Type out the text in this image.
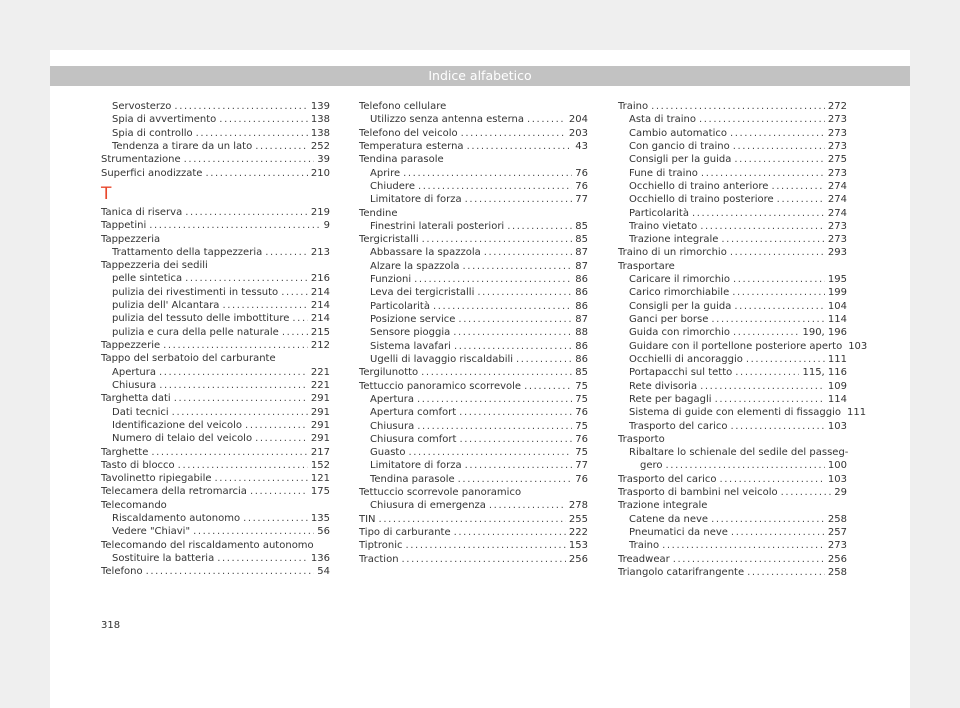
Indice alfabetico
Servosterzo .....	139
Spia di avvertimento .....	138
Spia di controllo .....	138
Tendenza a tirare da un lato .....	252
Strumentazione .....	39
Superfici anodizzate .....	210
T
Tanica di riserva .....	219
Tappetini .....	9
Tappezzeria
Trattamento della tappezzeria .....	213
Tappezzeria dei sedili
pelle sintetica .....	216
pulizia dei rivestimenti in tessuto .....	214
pulizia dell' Alcantara .....	214
pulizia del tessuto delle imbottiture ..... 214
pulizia e cura della pelle naturale .....	215
Tappezzerie .....	212
Tappo del serbatoio del carburante
Apertura .....	221
Chiusura .....	221
Targhetta dati .....	291
Dati tecnici .....	291
Identificazione del veicolo .....	291
Numero di telaio del veicolo .....	291
Targhette .....	217
Tasto di blocco .....	152
Tavolinetto ripiegabile .....	121
Telecamera della retromarcia .....	175
Telecomando
Riscaldamento autonomo .....	135
Vedere "Chiavi" .....	56
Telecomando del riscaldamento autonomo
Sostituire la batteria .....	136
Telefono .....	54
Telefono cellulare
Utilizzo senza antenna esterna .....	204
Telefono del veicolo .....	203
Temperatura esterna .....	43
Tendina parasole
Aprire .....	76
Chiudere .....	76
Limitatore di forza .....	77
Tendine
Finestrini laterali posteriori .....	85
Tergicristalli .....	85
Abbassare la spazzola .....	87
Alzare la spazzola .....	87
Funzioni .....	86
Leva dei tergicristalli .....	86
Particolarità .....	86
Posizione service .....	87
Sensore pioggia .....	88
Sistema lavafari .....	86
Ugelli di lavaggio riscaldabili .....	86
Tergilunotto .....	85
Tettuccio panoramico scorrevole .....	75
Apertura .....	75
Apertura comfort .....	76
Chiusura .....	75
Chiusura comfort .....	76
Guasto .....	75
Limitatore di forza .....	77
Tendina parasole .....	76
Tettuccio scorrevole panoramico
Chiusura di emergenza .....	278
TIN .....	255
Tipo di carburante .....	222
Tiptronic .....	153
Traction .....	256
Traino .....	272
Asta di traino .....	273
Cambio automatico .....	273
Con gancio di traino .....	273
Consigli per la guida .....	275
Fune di traino .....	273
Occhiello di traino anteriore .....	274
Occhiello di traino posteriore .....	274
Particolarità .....	274
Traino vietato .....	273
Trazione integrale .....	273
Traino di un rimorchio .....	293
Trasportare
Caricare il rimorchio .....	195
Carico rimorchiabile .....	199
Consigli per la guida .....	104
Ganci per borse .....	114
Guida con rimorchio .....	190, 196
Guidare con il portellone posteriore aperto 103
Occhielli di ancoraggio .....	111
Portapacchi sul tetto .....	115, 116
Rete divisoria .....	109
Rete per bagagli .....	114
Sistema di guide con elementi di fissaggio 111
Trasporto del carico .....	103
Trasporto
Ribaltare lo schienale del sedile del passeg-
gero .....	100
Trasporto del carico .....	103
Trasporto di bambini nel veicolo .....	29
Trazione integrale
Catene da neve .....	258
Pneumatici da neve .....	257
Traino .....	273
Treadwear .....	256
Triangolo catarifrangente .....	258
318
